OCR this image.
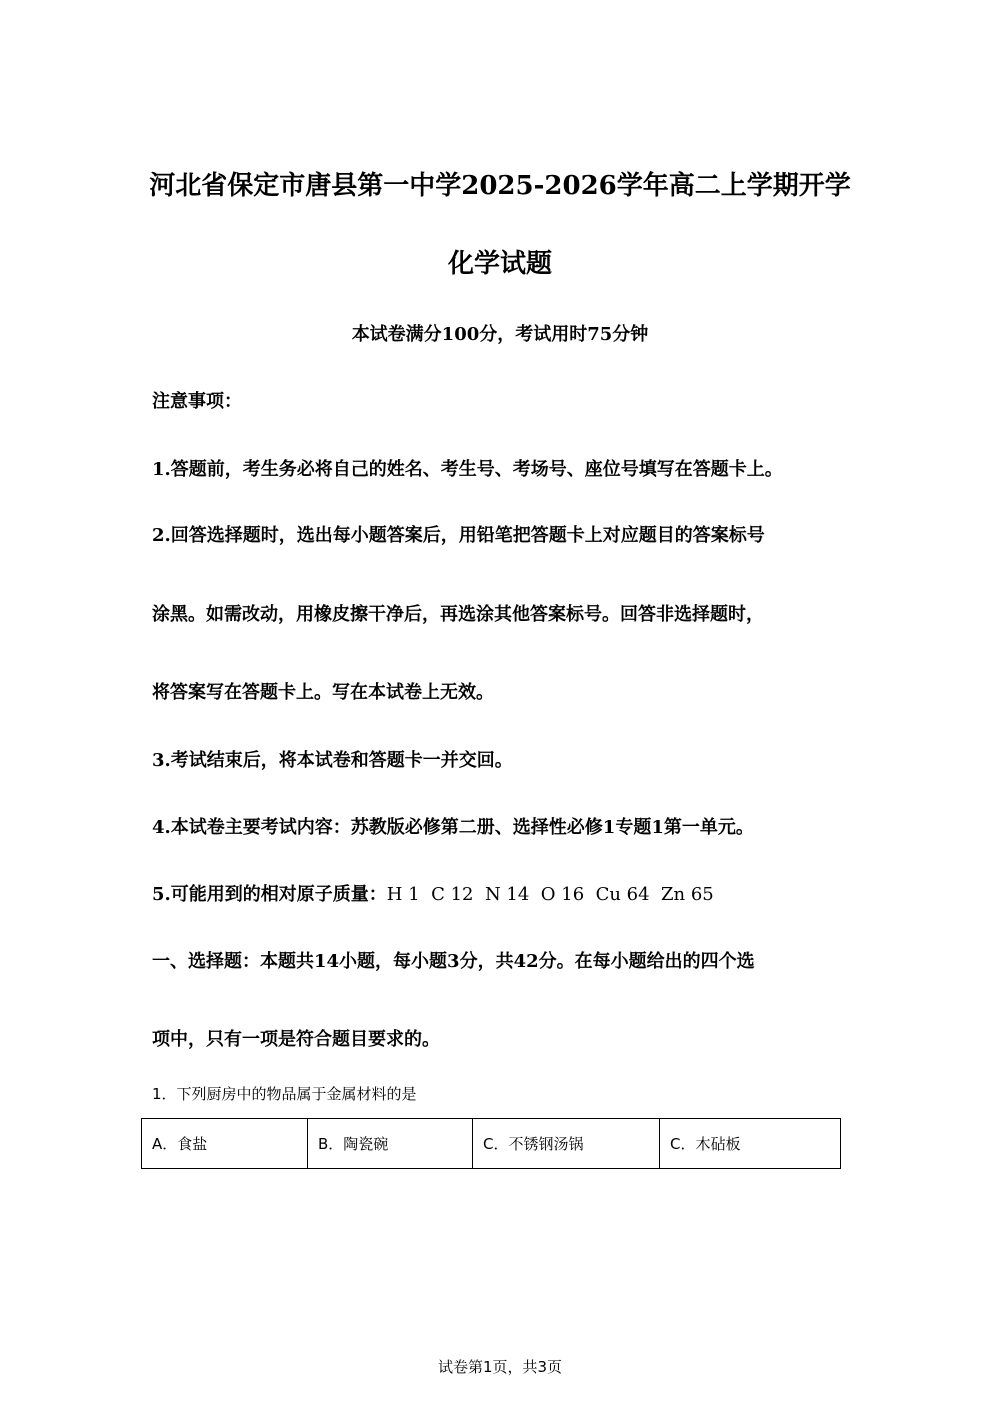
河北省保定市唐县第一中学2025-2026学年高二上学期开学
化学试题
本试卷满分100分，考试用时75分钟
注意事项：
1.答题前，考生务必将自己的姓名、考生号、考场号、座位号填写在答题卡上。
2.回答选择题时，选出每小题答案后，用铅笔把答题卡上对应题目的答案标号
涂黑。如需改动，用橡皮擦干净后，再选涂其他答案标号。回答非选择题时，
将答案写在答题卡上。写在本试卷上无效。
3.考试结束后，将本试卷和答题卡一并交回。
4.本试卷主要考试内容：苏教版必修第二册、选择性必修1专题1第一单元。
5.可能用到的相对原子质量：H 1  C 12  N 14  O 16  Cu 64  Zn 65
一、选择题：本题共14小题，每小题3分，共42分。在每小题给出的四个选
项中，只有一项是符合题目要求的。
1．下列厨房中的物品属于金属材料的是
A．食盐	B．陶瓷碗	C．不锈钢汤锅	C．木砧板
试卷第1页，共3页
